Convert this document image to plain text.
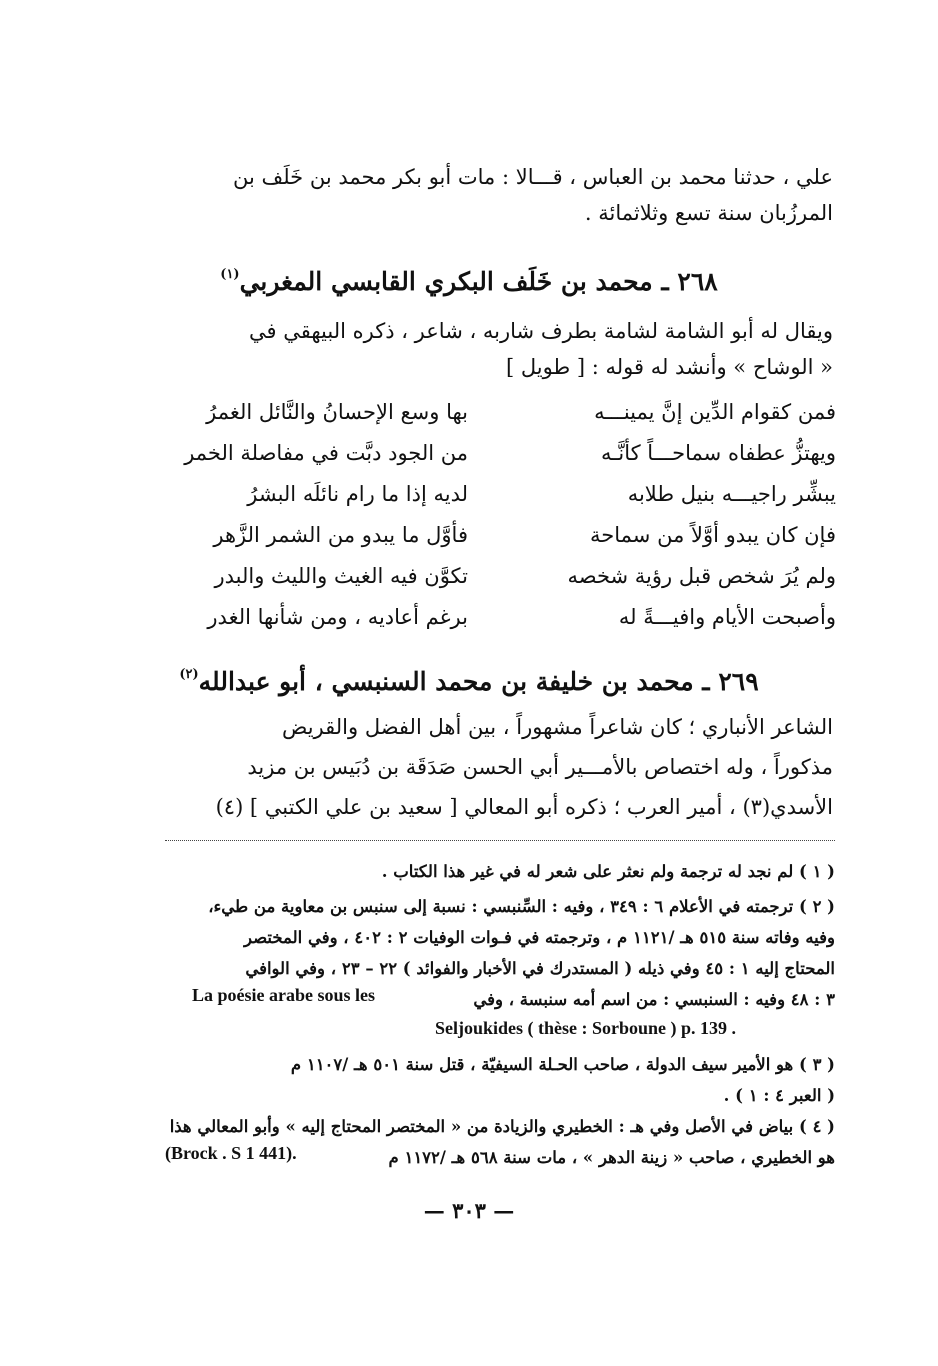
علي ، حدثنا محمد بن العباس ، قـــالا : مات أبو بكر محمد بن خَلَف بن
المرزُبان سنة تسع وثلاثمائة .
٢٦٨ ـ محمد بن خَلَف البكري القابسي المغربي$^{(١)}$
ويقال له أبو الشامة لشامة بطرف شاربه ، شاعر ، ذكره البيهقي في
« الوشاح » وأنشد له قوله : [ طويل ]
فمن كقوام الدِّين إنَّ يمينـــه
بها وسع الإحسانُ والنَّائل الغمرُ
ويهتزُّ عطفاه سماحـــاً كأنَّـه
من الجود دبَّت في مفاصلة الخمر
يبشِّر راجيـــه بنيل طلابه
لديه إذا ما رام نائلَه البشرُ
فإن كان يبدو أوَّلاً من سماحة
فأوَّل ما يبدو من الشمر الزَّهر
ولم يُرَ شخص قبل رؤية شخصه
تكوَّن فيه الغيث والليث والبدر
وأصبحت الأيام وافيـــةً له
برغم أعاديه ، ومن شأنها الغدر
٢٦٩ ـ محمد بن خليفة بن محمد السنبسي ، أبو عبدالله$^{(٢)}$
الشاعر الأنباري ؛ كان شاعراً مشهوراً ، بين أهل الفضل والقريض
مذكوراً ، وله اختصاص بالأمـــير أبي الحسن صَدَقَة بن دُبَيس بن مزيد
الأسدي(٣) ، أمير العرب ؛ ذكره أبو المعالي [ سعيد بن علي الكتبي ] (٤)
( ١ ) لم نجد له ترجمة ولم نعثر على شعر له في غير هذا الكتاب .
( ٢ ) ترجمته في الأعلام ٦ : ٣٤٩ ، وفيه : السِّنبسي : نسبة إلى سنبس بن معاوية من طيء،
وفيه وفاته سنة ٥١٥ هـ /١١٢١ م ، وترجمته في فـوات الوفيات ٢ : ٤٠٢ ، وفي المختصر
المحتاج إليه ١ : ٤٥ وفي ذيله ( المستدرك في الأخبار والفوائد ) ٢٢ – ٢٣ ، وفي الوافي
٣ : ٤٨ وفيه : السنبسي : من اسم أمه سنبسة ، وفي
La poésie arabe sous les
Seljoukides ( thèse : Sorboune ) p. 139 .
( ٣ ) هو الأمير سيف الدولة ، صاحب الحـلة السيفيّة ، قتل سنة ٥٠١ هـ /١١٠٧ م
( العبر ٤ : ١ ) .
( ٤ ) بياض في الأصل وفي هـ : الخطيري والزيادة من « المختصر المحتاج إليه » وأبو المعالي هذا
هو الخطيري ، صاحب « زينة الدهر » ، مات سنة ٥٦٨ هـ /١١٧٢ م
(Brock . S 1 441).
— ٣٠٣ —
